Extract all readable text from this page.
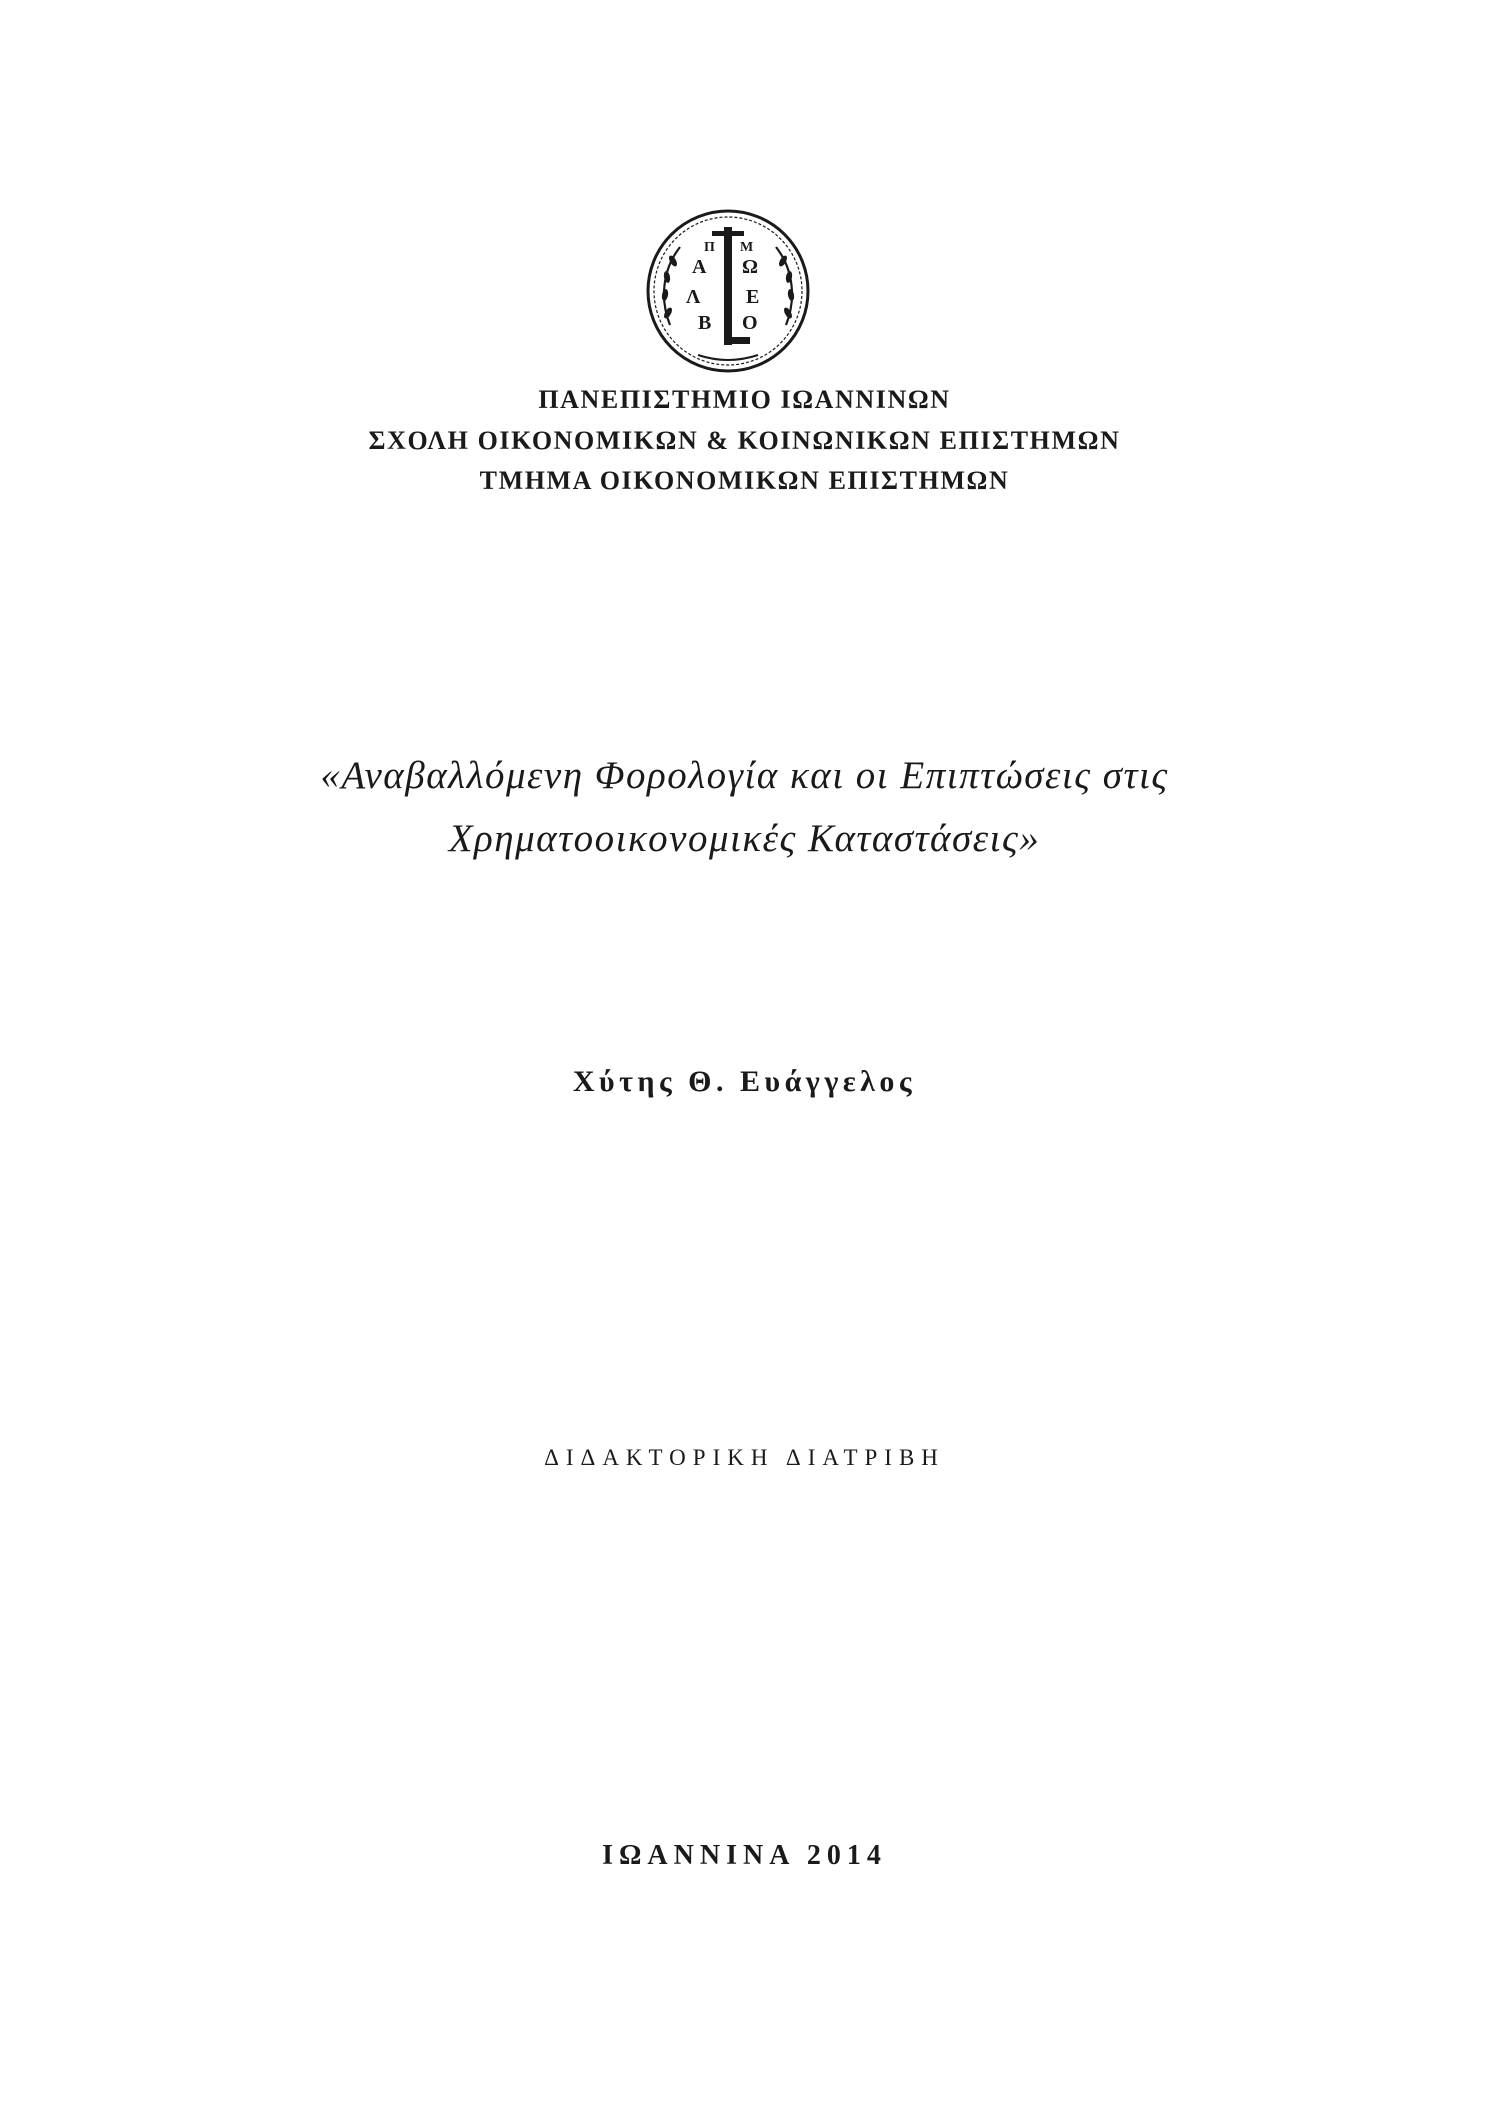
Α Ω
Λ Ε
Β Ο
Π Μ
ΠΑΝΕΠΙΣΤΗΜΙΟ ΙΩΑΝΝΙΝΩΝ
ΣΧΟΛΗ ΟΙΚΟΝΟΜΙΚΩΝ & ΚΟΙΝΩΝΙΚΩΝ ΕΠΙΣΤΗΜΩΝ
ΤΜΗΜΑ ΟΙΚΟΝΟΜΙΚΩΝ ΕΠΙΣΤΗΜΩΝ
«Αναβαλλόμενη Φορολογία και οι Επιπτώσεις στις
Χρηματοοικονομικές Καταστάσεις»
Χύτης Θ. Ευάγγελος
ΔΙΔΑΚΤΟΡΙΚΗ ΔΙΑΤΡΙΒΗ
ΙΩΑΝΝΙΝΑ 2014
